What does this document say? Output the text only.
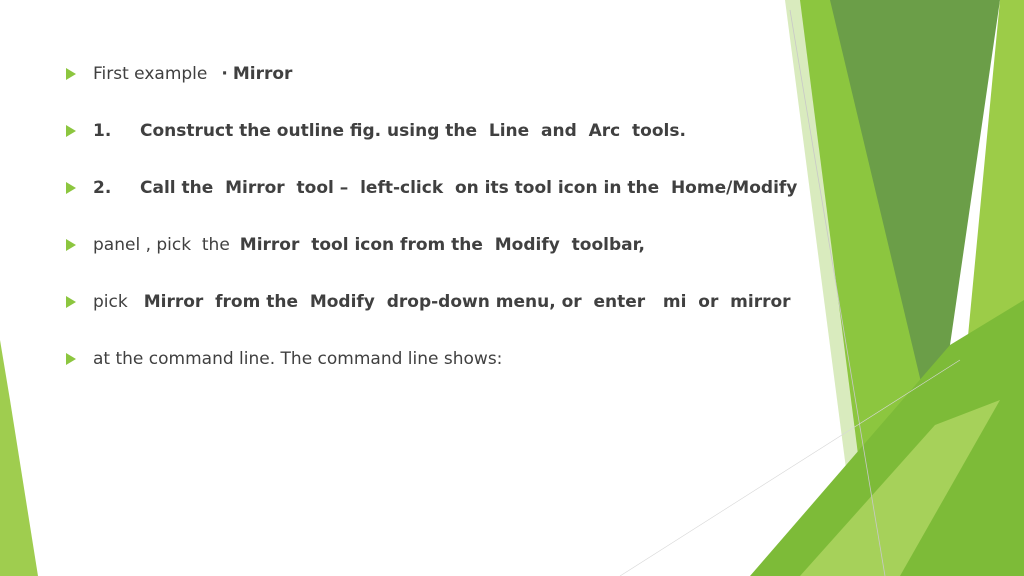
First example · Mirror
1.	Construct the outline fig. using the  Line  and  Arc  tools.
2.	Call the  Mirror  tool –  left-click  on its tool icon in the  Home/Modify
panel , pick  the Mirror  tool icon from the  Modify  toolbar,
pick Mirror  from the  Modify  drop-down menu, or  enter   mi  or  mirror
at the command line. The command line shows:
